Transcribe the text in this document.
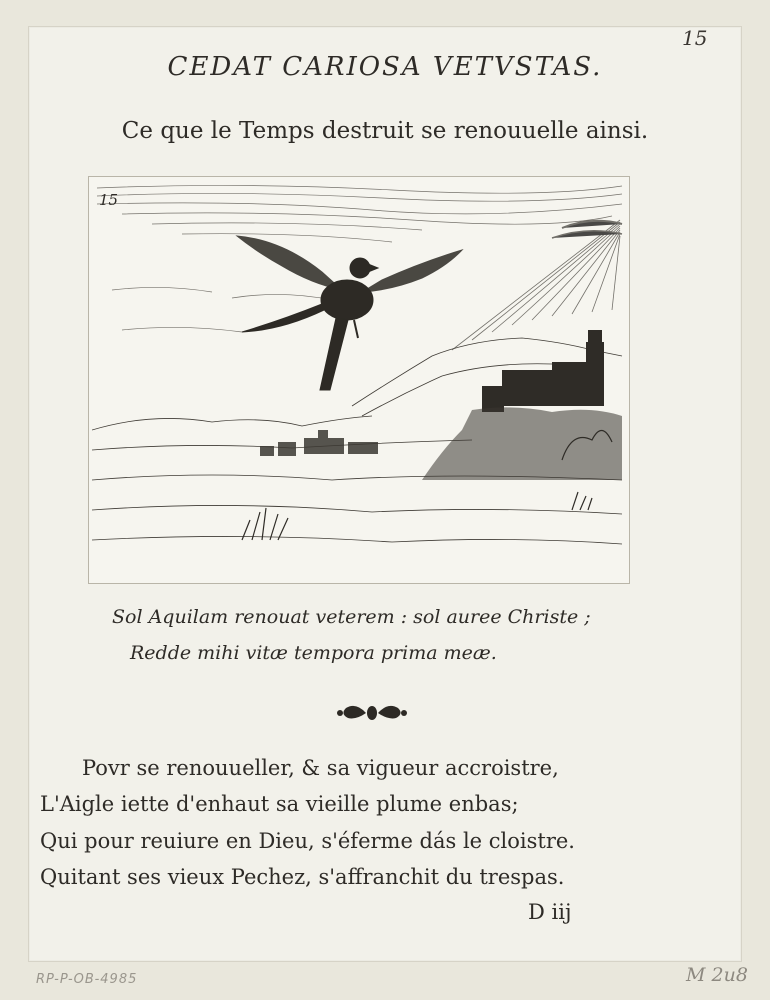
15
CEDAT CARIOSA VETVSTAS.
Ce que le Temps destruit se renouuelle ainsi.
15
Sol Aquilam renouat veterem : sol auree Christe ;
Redde mihi vitæ tempora prima meæ.
Povr se renouueller, & sa vigueur accroistre,
L'Aigle iette d'enhaut sa vieille plume enbas;
Qui pour reuiure en Dieu, s'éferme dás le cloistre.
Quitant ses vieux Pechez, s'affranchit du trespas.
D iij
RP-P-OB-4985	M 2u8
